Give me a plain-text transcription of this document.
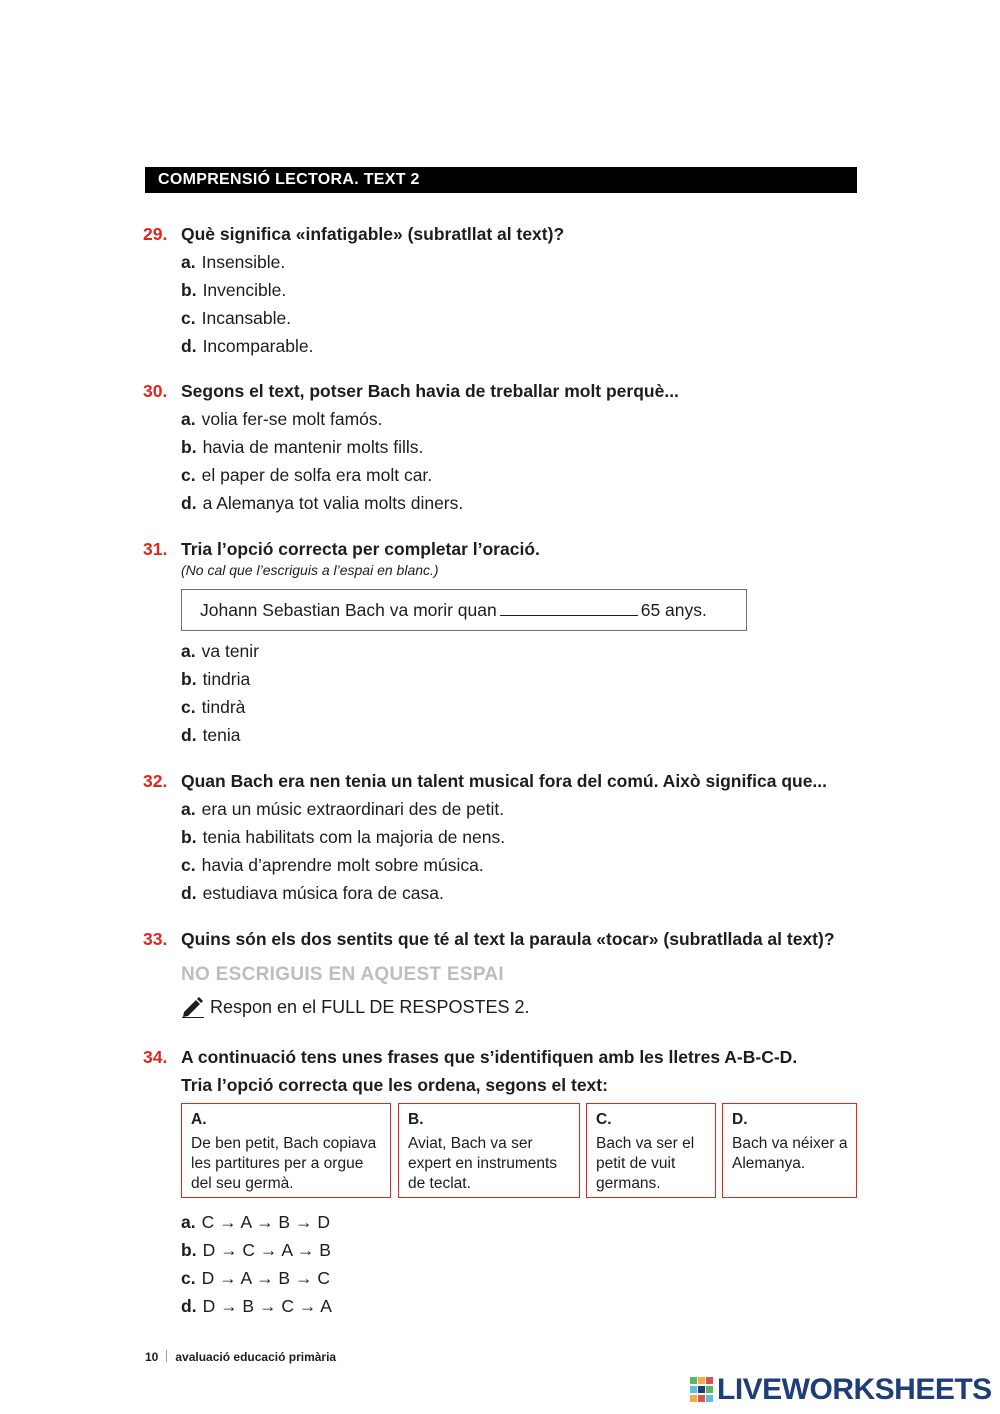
COMPRENSIÓ LECTORA. TEXT 2
29. Què significa «infatigable» (subratllat al text)?
a. Insensible.
b. Invencible.
c. Incansable.
d. Incomparable.
30. Segons el text, potser Bach havia de treballar molt perquè...
a. volia fer-se molt famós.
b. havia de mantenir molts fills.
c. el paper de solfa era molt car.
d. a Alemanya tot valia molts diners.
31. Tria l’opció correcta per completar l’oració.
(No cal que l’escriguis a l’espai en blanc.)
Johann Sebastian Bach va morir quan	65 anys.
a. va tenir
b. tindria
c. tindrà
d. tenia
32. Quan Bach era nen tenia un talent musical fora del comú. Això significa que...
a. era un músic extraordinari des de petit.
b. tenia habilitats com la majoria de nens.
c. havia d’aprendre molt sobre música.
d. estudiava música fora de casa.
33. Quins són els dos sentits que té al text la paraula «tocar» (subratllada al text)?
NO ESCRIGUIS EN AQUEST ESPAI
Respon en el FULL DE RESPOSTES 2.
34. A continuació tens unes frases que s’identifiquen amb les lletres A-B-C-D.
Tria l’opció correcta que les ordena, segons el text:
A.
De ben petit, Bach copiava les partitures per a orgue del seu germà.
B.
Aviat, Bach va ser expert en instruments de teclat.
C.
Bach va ser el petit de vuit germans.
D.
Bach va néixer a Alemanya.
a. C → A → B → D
b. D → C → A → B
c. D → A → B → C
d. D → B → C → A
10 avaluació educació primària
LIVEWORKSHEETS
